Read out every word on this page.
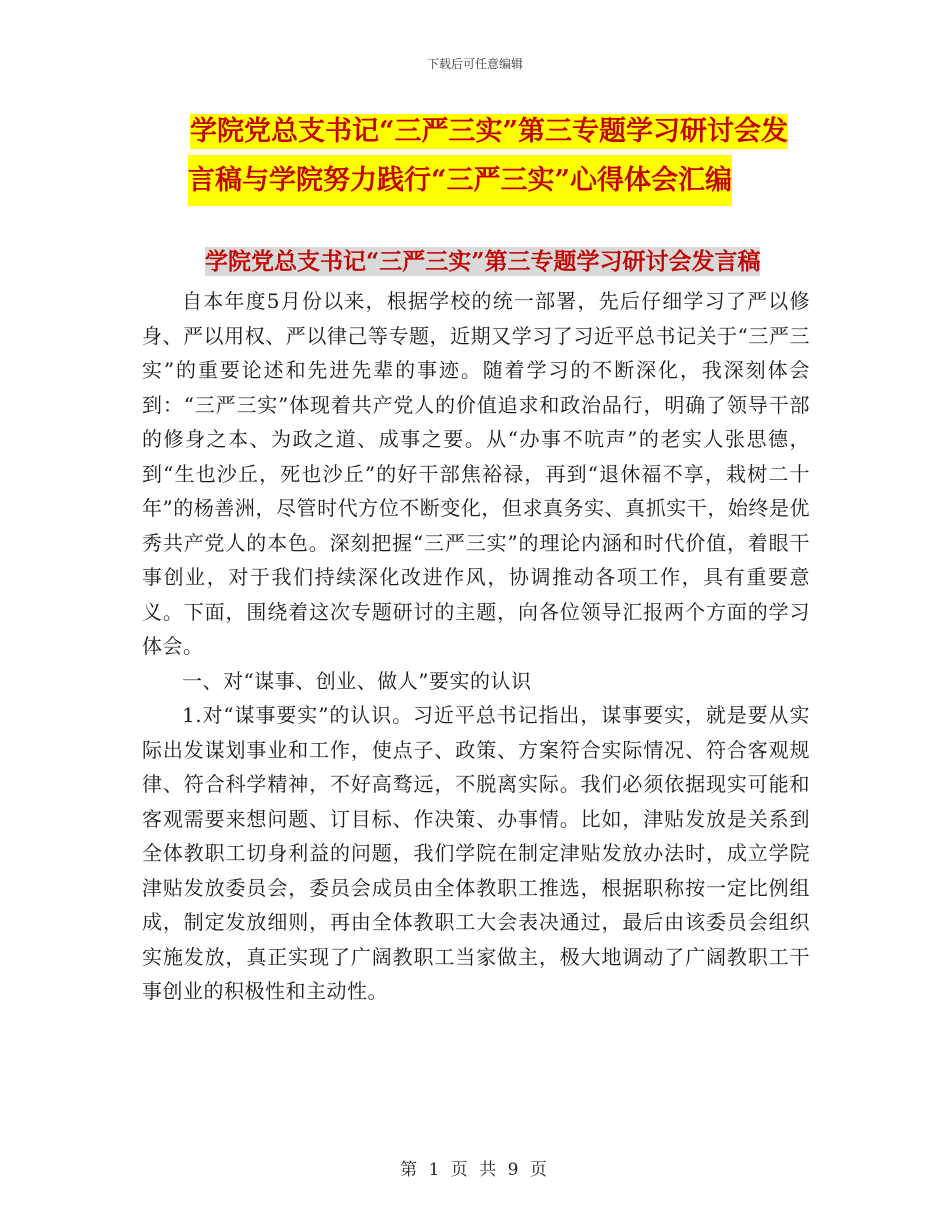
下载后可任意编辑
学院党总支书记“三严三实”第三专题学习研讨会发
言稿与学院努力践行“三严三实”心得体会汇编
学院党总支书记“三严三实”第三专题学习研讨会发言稿

自本年度5月份以来，根据学校的统一部署，先后仔细学习了严以修身、严以用权、严以律己等专题，近期又学习了习近平总书记关于“三严三实”的重要论述和先进先辈的事迹。随着学习的不断深化，我深刻体会到：“三严三实”体现着共产党人的价值追求和政治品行，明确了领导干部的修身之本、为政之道、成事之要。从“办事不吭声”的老实人张思德，到“生也沙丘，死也沙丘”的好干部焦裕禄，再到“退休福不享，栽树二十年”的杨善洲，尽管时代方位不断变化，但求真务实、真抓实干，始终是优秀共产党人的本色。深刻把握“三严三实”的理论内涵和时代价值，着眼干事创业，对于我们持续深化改进作风，协调推动各项工作，具有重要意义。下面，围绕着这次专题研讨的主题，向各位领导汇报两个方面的学习体会。

一、对“谋事、创业、做人”要实的认识

1.对“谋事要实”的认识。习近平总书记指出，谋事要实，就是要从实际出发谋划事业和工作，使点子、政策、方案符合实际情况、符合客观规律、符合科学精神，不好高骛远，不脱离实际。我们必须依据现实可能和客观需要来想问题、订目标、作决策、办事情。比如，津贴发放是关系到全体教职工切身利益的问题，我们学院在制定津贴发放办法时，成立学院津贴发放委员会，委员会成员由全体教职工推选，根据职称按一定比例组成，制定发放细则，再由全体教职工大会表决通过，最后由该委员会组织实施发放，真正实现了广阔教职工当家做主，极大地调动了广阔教职工干事创业的积极性和主动性。

第 1 页 共 9 页
